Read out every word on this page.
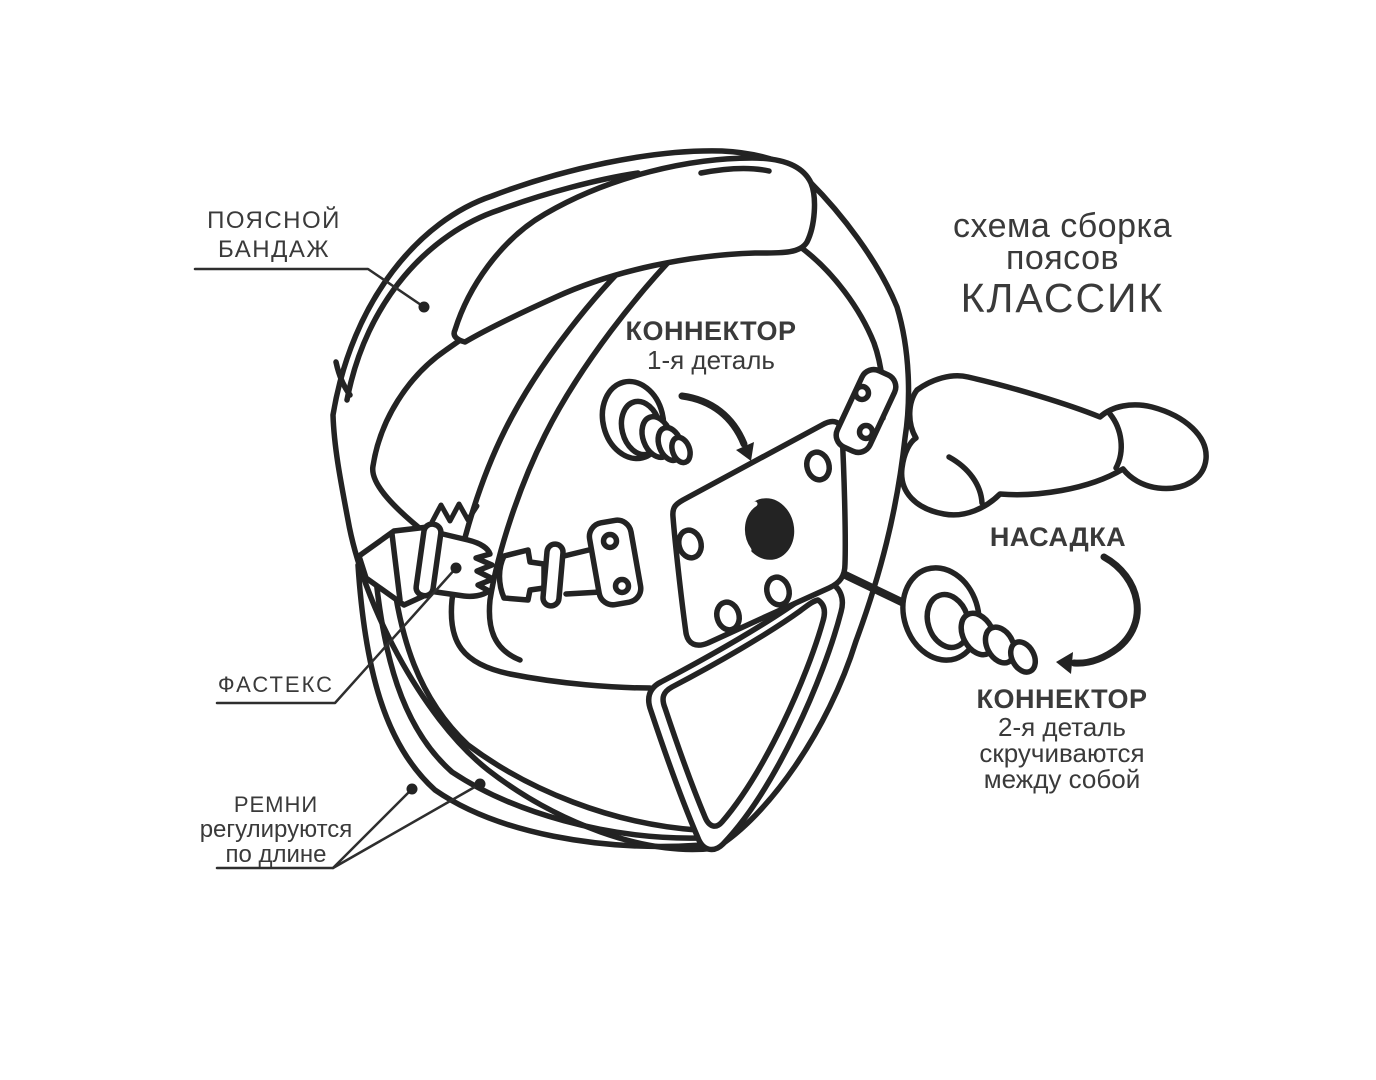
ПОЯСНОЙ
БАНДАЖ
схема сборка
поясов
КЛАССИК
КОННЕКТОР
1-я деталь
НАСАДКА
КОННЕКТОР
2-я деталь
скручиваются
между собой
ФАСТЕКС
РЕМНИ
регулируются
по длине
